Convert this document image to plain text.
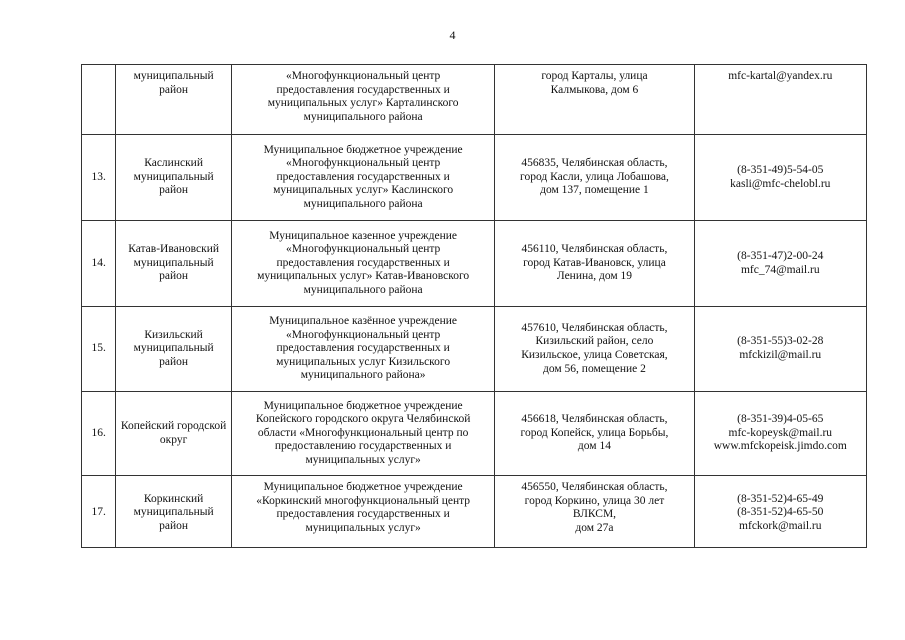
4

	муниципальный
район	«Многофункциональный центр
предоставления государственных и
муниципальных услуг» Карталинского
муниципального района	город Карталы, улица
Калмыкова, дом 6	mfc-kartal@yandex.ru

13.	Каслинский
муниципальный
район	Муниципальное бюджетное учреждение
«Многофункциональный центр
предоставления государственных и
муниципальных услуг» Каслинского
муниципального района	456835, Челябинская область,
город Касли, улица Лобашова,
дом 137, помещение 1	(8-351-49)5-54-05
kasli@mfc-chelobl.ru

14.	Катав-Ивановский
муниципальный
район	Муниципальное казенное учреждение
«Многофункциональный центр
предоставления государственных и
муниципальных услуг» Катав-Ивановского
муниципального района	456110, Челябинская область,
город Катав-Ивановск, улица
Ленина, дом 19	(8-351-47)2-00-24
mfc_74@mail.ru

15.	Кизильский
муниципальный
район	Муниципальное казённое учреждение
«Многофункциональный центр
предоставления государственных и
муниципальных услуг Кизильского
муниципального района»	457610, Челябинская область,
Кизильский район, село
Кизильское, улица Советская,
дом 56, помещение 2	(8-351-55)3-02-28
mfckizil@mail.ru

16.	Копейский городской
округ	Муниципальное бюджетное учреждение
Копейского городского округа Челябинской
области «Многофункциональный центр по
предоставлению государственных и
муниципальных услуг»	456618, Челябинская область,
город Копейск, улица Борьбы,
дом 14	(8-351-39)4-05-65
mfc-kopeysk@mail.ru
www.mfckopeisk.jimdo.com

17.	Коркинский
муниципальный
район	Муниципальное бюджетное учреждение
«Коркинский многофункциональный центр
предоставления государственных и
муниципальных услуг»	456550, Челябинская область,
город Коркино, улица 30 лет
ВЛКСМ,
дом 27а	(8-351-52)4-65-49
(8-351-52)4-65-50
mfckork@mail.ru
